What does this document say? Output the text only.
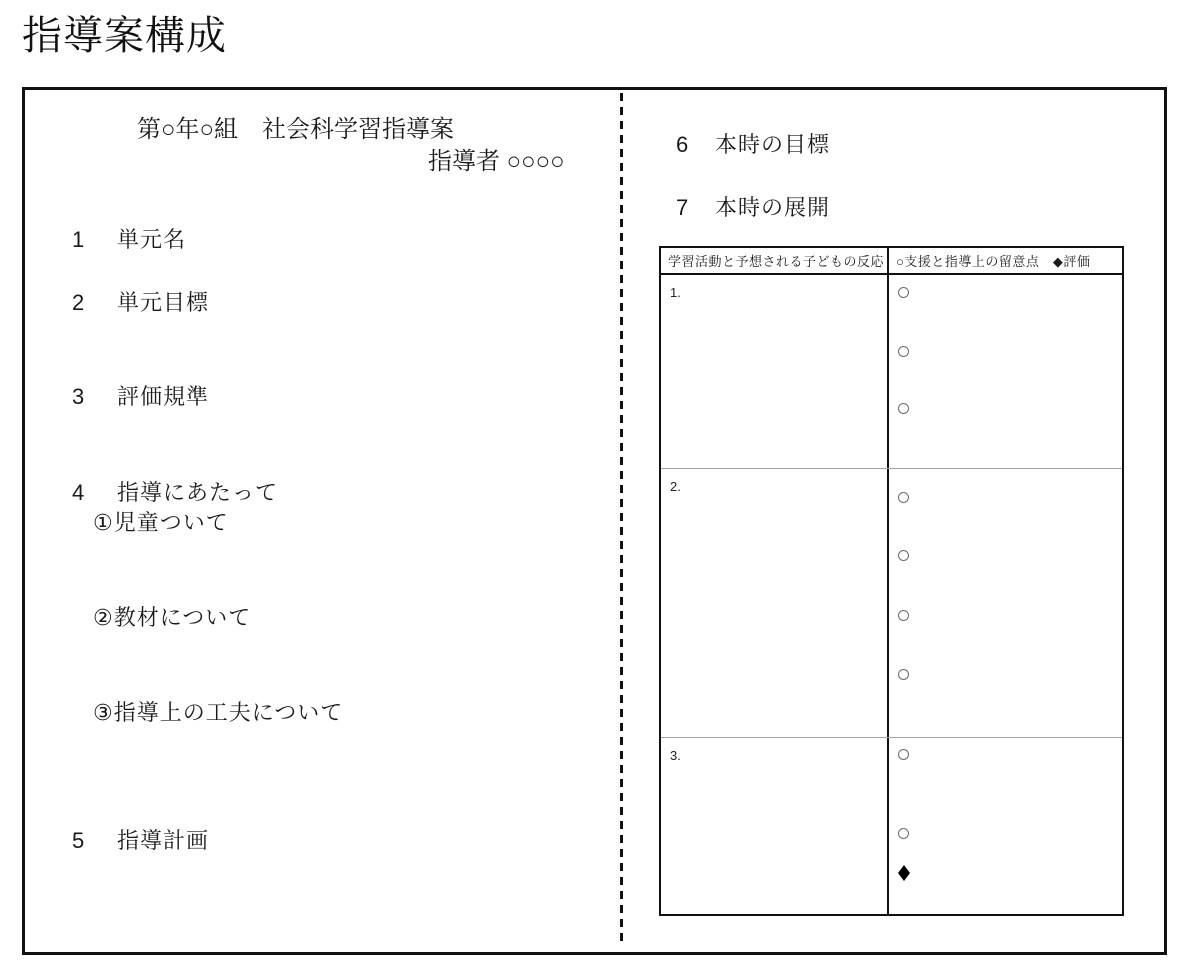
指導案構成
第○年○組　社会科学習指導案
指導者 ○○○○
1 単元名
2 単元目標
3 評価規準
4 指導にあたって
①児童ついて
②教材について
③指導上の工夫について
5 指導計画
6 本時の目標
7 本時の展開
学習活動と予想される子どもの反応 ○支援と指導上の留意点　◆評価
1.
2.
3.
